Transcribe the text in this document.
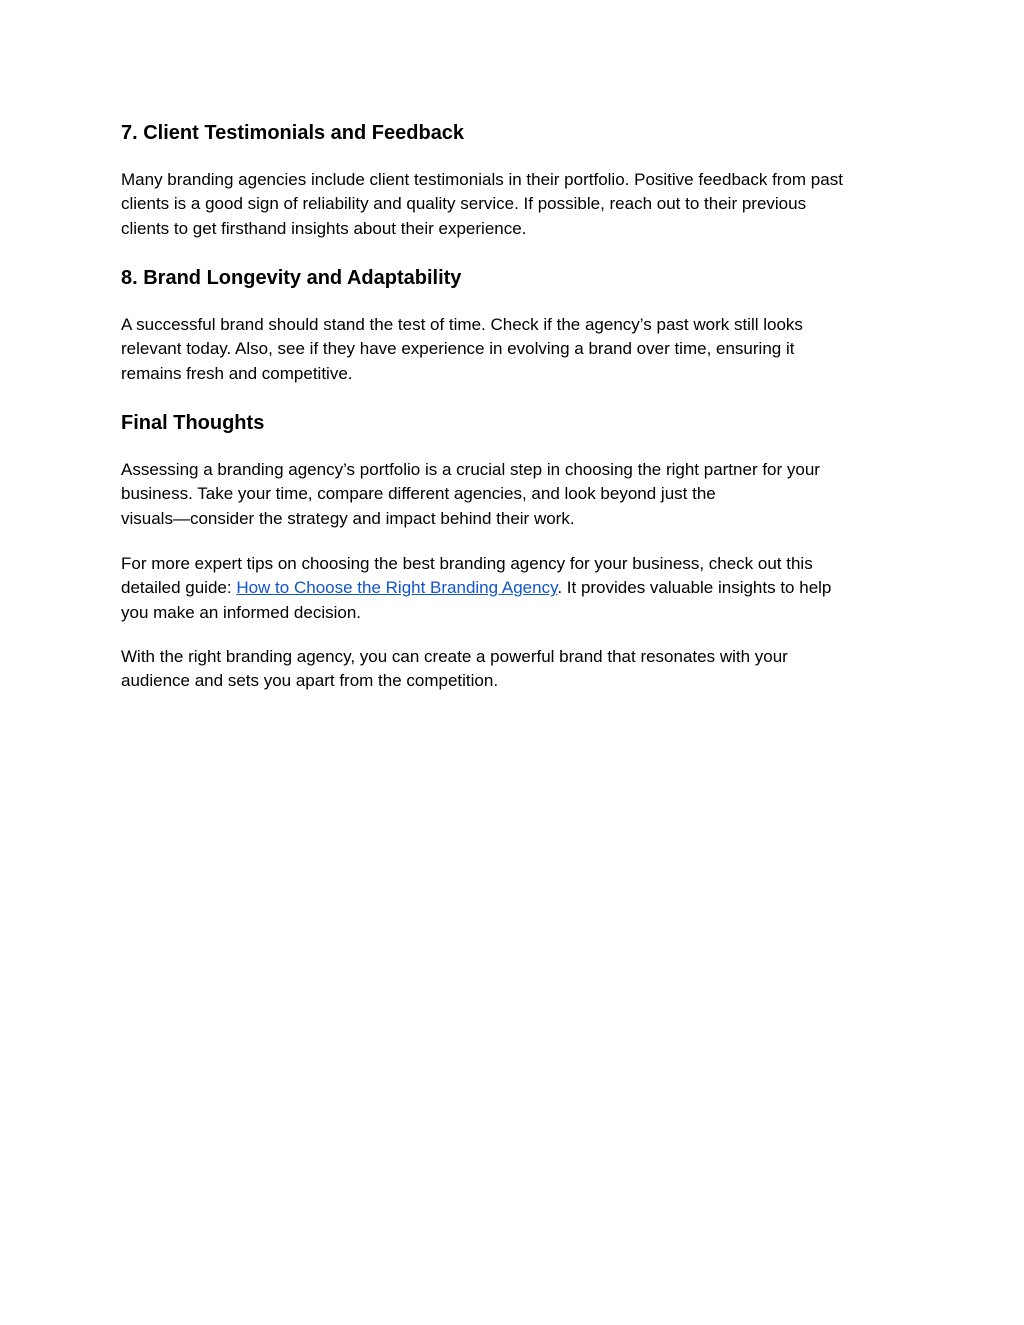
7. Client Testimonials and Feedback

Many branding agencies include client testimonials in their portfolio. Positive feedback from past
clients is a good sign of reliability and quality service. If possible, reach out to their previous
clients to get firsthand insights about their experience.

8. Brand Longevity and Adaptability

A successful brand should stand the test of time. Check if the agency’s past work still looks
relevant today. Also, see if they have experience in evolving a brand over time, ensuring it
remains fresh and competitive.

Final Thoughts

Assessing a branding agency’s portfolio is a crucial step in choosing the right partner for your
business. Take your time, compare different agencies, and look beyond just the
visuals—consider the strategy and impact behind their work.

For more expert tips on choosing the best branding agency for your business, check out this
detailed guide: How to Choose the Right Branding Agency. It provides valuable insights to help
you make an informed decision.

With the right branding agency, you can create a powerful brand that resonates with your
audience and sets you apart from the competition.
